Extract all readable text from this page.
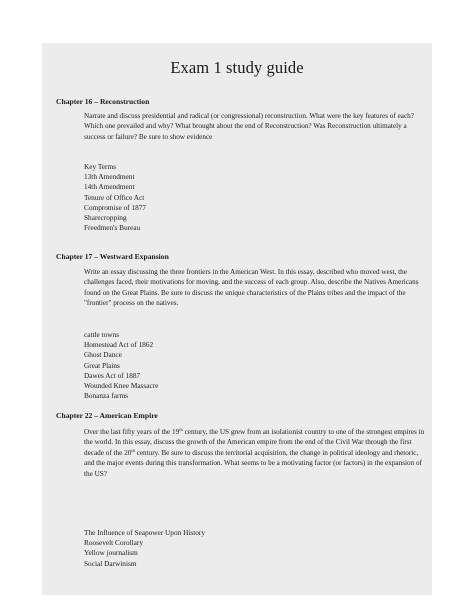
Exam 1 study guide
Chapter 16 – Reconstruction

Narrate and discuss presidential and radical (or congressional) reconstruction. What were the key features of each? Which one prevailed and why? What brought about the end of Reconstruction? Was Reconstruction ultimately a success or failure? Be sure to show evidence

Key Terms
13th Amendment
14th Amendment
Tenure of Office Act
Compromise of 1877
Sharecropping
Freedmen's Bureau
Chapter 17 – Westward Expansion

Write an essay discussing the three frontiers in the American West. In this essay, described who moved west, the challenges faced, their motivations for moving, and the success of each group. Also, describe the Natives Americans found on the Great Plains. Be sure to discuss the unique characteristics of the Plains tribes and the impact of the "frontier" process on the natives.

cattle towns
Homestead Act of 1862
Ghost Dance
Great Plains
Dawes Act of 1887
Wounded Knee Massacre
Bonanza farms
Chapter 22 – American Empire

Over the last fifty years of the 19th century, the US grew from an isolationist country to one of the strongest empires in the world. In this essay, discuss the growth of the American empire from the end of the Civil War through the first decade of the 20th century. Be sure to discuss the territorial acquisition, the change in political ideology and rhetoric, and the major events during this transformation. What seems to be a motivating factor (or factors) in the expansion of the US?

The Influence of Seapower Upon History
Roosevelt Corollary
Yellow journalism
Social Darwinism
